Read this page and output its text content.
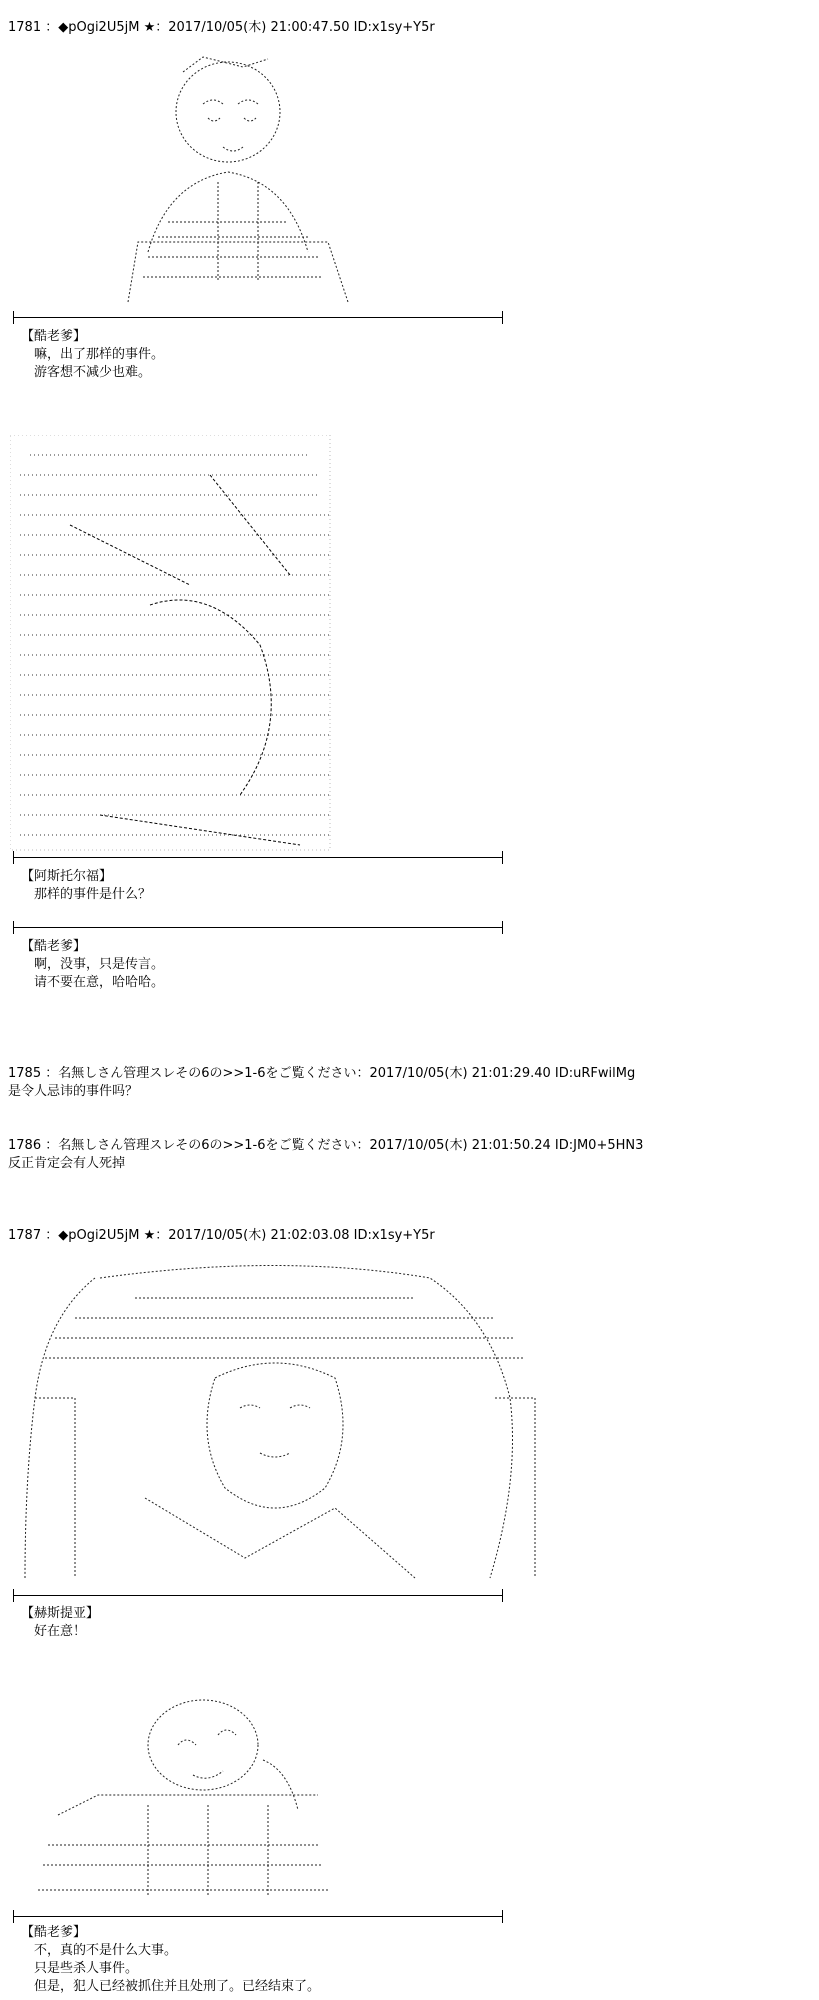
1781 ：◆pOgi2U5jM ★：2017/10/05(木) 21:00:47.50 ID:x1sy+Y5r
【酷老爹】
嘛，出了那样的事件。
游客想不减少也难。
【阿斯托尔福】
那样的事件是什么？
【酷老爹】
啊，没事，只是传言。
请不要在意，哈哈哈。
1785 ：名無しさん管理スレその6の>>1-6をご覧ください：2017/10/05(木) 21:01:29.40 ID:uRFwilMg
是令人忌讳的事件吗？
1786 ：名無しさん管理スレその6の>>1-6をご覧ください：2017/10/05(木) 21:01:50.24 ID:JM0+5HN3
反正肯定会有人死掉
1787 ：◆pOgi2U5jM ★：2017/10/05(木) 21:02:03.08 ID:x1sy+Y5r
【赫斯提亚】
好在意！
【酷老爹】
不，真的不是什么大事。
只是些杀人事件。
但是，犯人已经被抓住并且处刑了。已经结束了。
